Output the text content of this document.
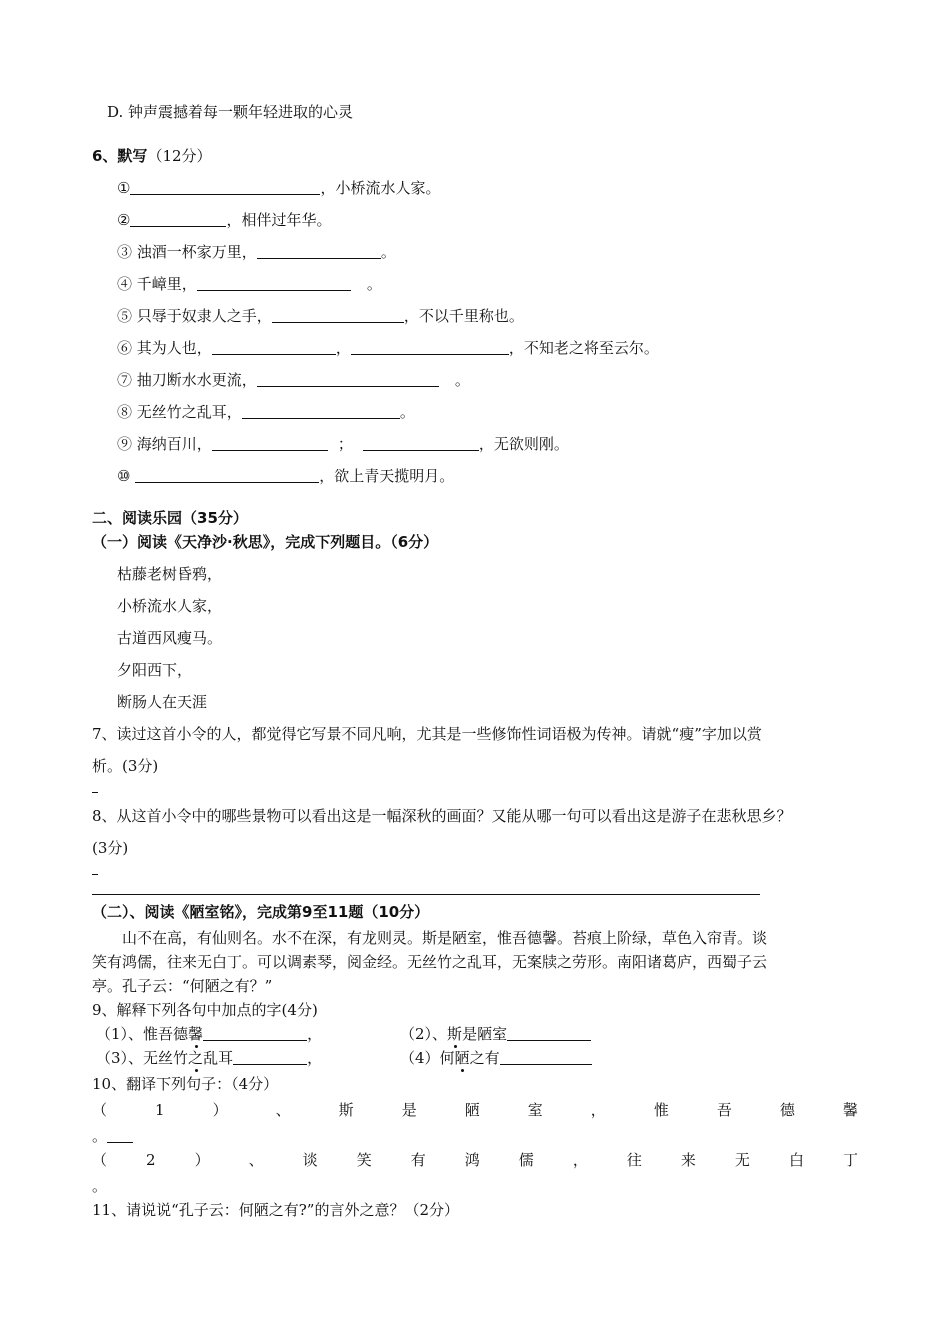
D. 钟声震撼着每一颗年轻进取的心灵
6、默写（12分）
①	，小桥流水人家。
②	，相伴过年华。
③ 浊酒一杯家万里，	。
④ 千嶂里，	。
⑤ 只辱于奴隶人之手，	，不以千里称也。
⑥ 其为人也，	，	，不知老之将至云尔。
⑦ 抽刀断水水更流，	。
⑧ 无丝竹之乱耳，	。
⑨ 海纳百川，	；	，无欲则刚。
⑩	，欲上青天揽明月。
二、阅读乐园（35分）
（一）阅读《天净沙·秋思》，完成下列题目。（6分）
枯藤老树昏鸦，
小桥流水人家，
古道西风瘦马。
夕阳西下，
断肠人在天涯
7、读过这首小令的人，都觉得它写景不同凡响，尤其是一些修饰性词语极为传神。请就“瘦”字加以赏
析。(3分)
8、从这首小令中的哪些景物可以看出这是一幅深秋的画面？又能从哪一句可以看出这是游子在悲秋思乡？
(3分)
（二）、阅读《陋室铭》，完成第9至11题（10分）
山不在高，有仙则名。水不在深，有龙则灵。斯是陋室，惟吾德馨。苔痕上阶绿，草色入帘青。谈
笑有鸿儒，往来无白丁。可以调素琴，阅金经。无丝竹之乱耳，无案牍之劳形。南阳诸葛庐，西蜀子云
亭。孔子云：“何陋之有？”
9、解释下列各句中加点的字(4分)
（1）、惟吾德馨	，	（2）、斯是陋室
（3）、无丝竹之乱耳	，	（4）何陋之有
10、翻译下列句子：（4分）
（	1	）	、	斯	是	陋	室	，	惟	吾	德	馨
。
（	2	）	、	谈	笑	有	鸿	儒	，	往	来	无	白	丁
。
11、请说说“孔子云：何陋之有?”的言外之意？（2分）
